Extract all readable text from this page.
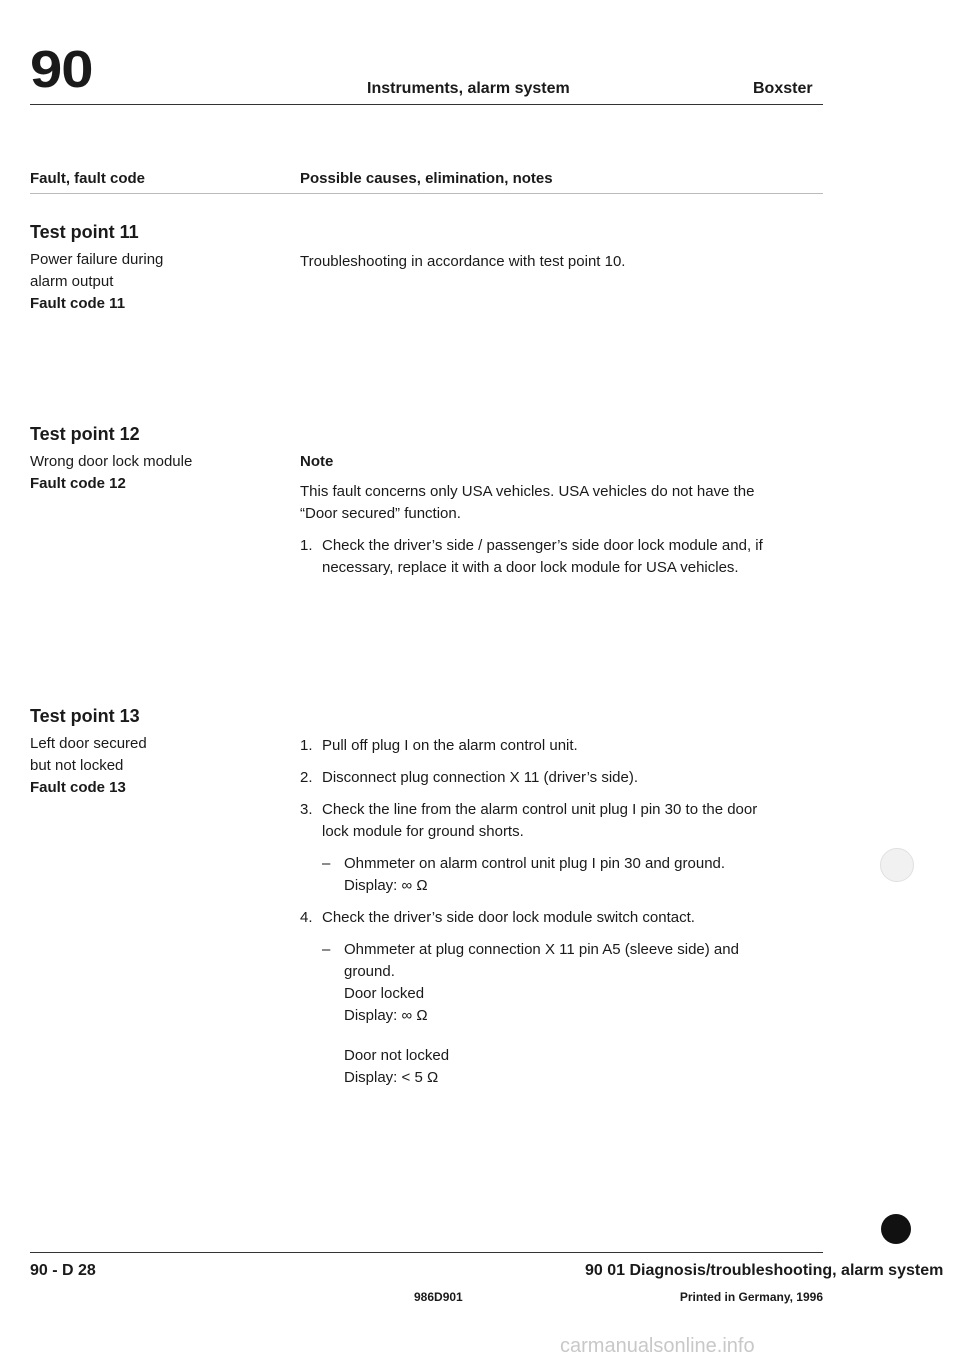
90	Instruments, alarm system	Boxster
Fault, fault code	Possible causes, elimination, notes
Test point 11
Power failure during
alarm output
Fault code 11
Troubleshooting in accordance with test point 10.
Test point 12
Wrong door lock module
Fault code 12
Note
This fault concerns only USA vehicles. USA vehicles do not have the
“Door secured” function.
1. Check the driver’s side / passenger’s side door lock module and, if
necessary, replace it with a door lock module for USA vehicles.
Test point 13
Left door secured
but not locked
Fault code 13
1. Pull off plug I on the alarm control unit.
2. Disconnect plug connection X 11 (driver’s side).
3. Check the line from the alarm control unit plug I pin 30 to the door
lock module for ground shorts.
– Ohmmeter on alarm control unit plug I pin 30 and ground.
Display: ∞ Ω
4. Check the driver’s side door lock module switch contact.
– Ohmmeter at plug connection X 11 pin A5 (sleeve side) and
ground.
Door locked
Display: ∞ Ω
Door not locked
Display: < 5 Ω
90 - D 28	90 01 Diagnosis/troubleshooting, alarm system
986D901	Printed in Germany, 1996
carmanualsonline.info
